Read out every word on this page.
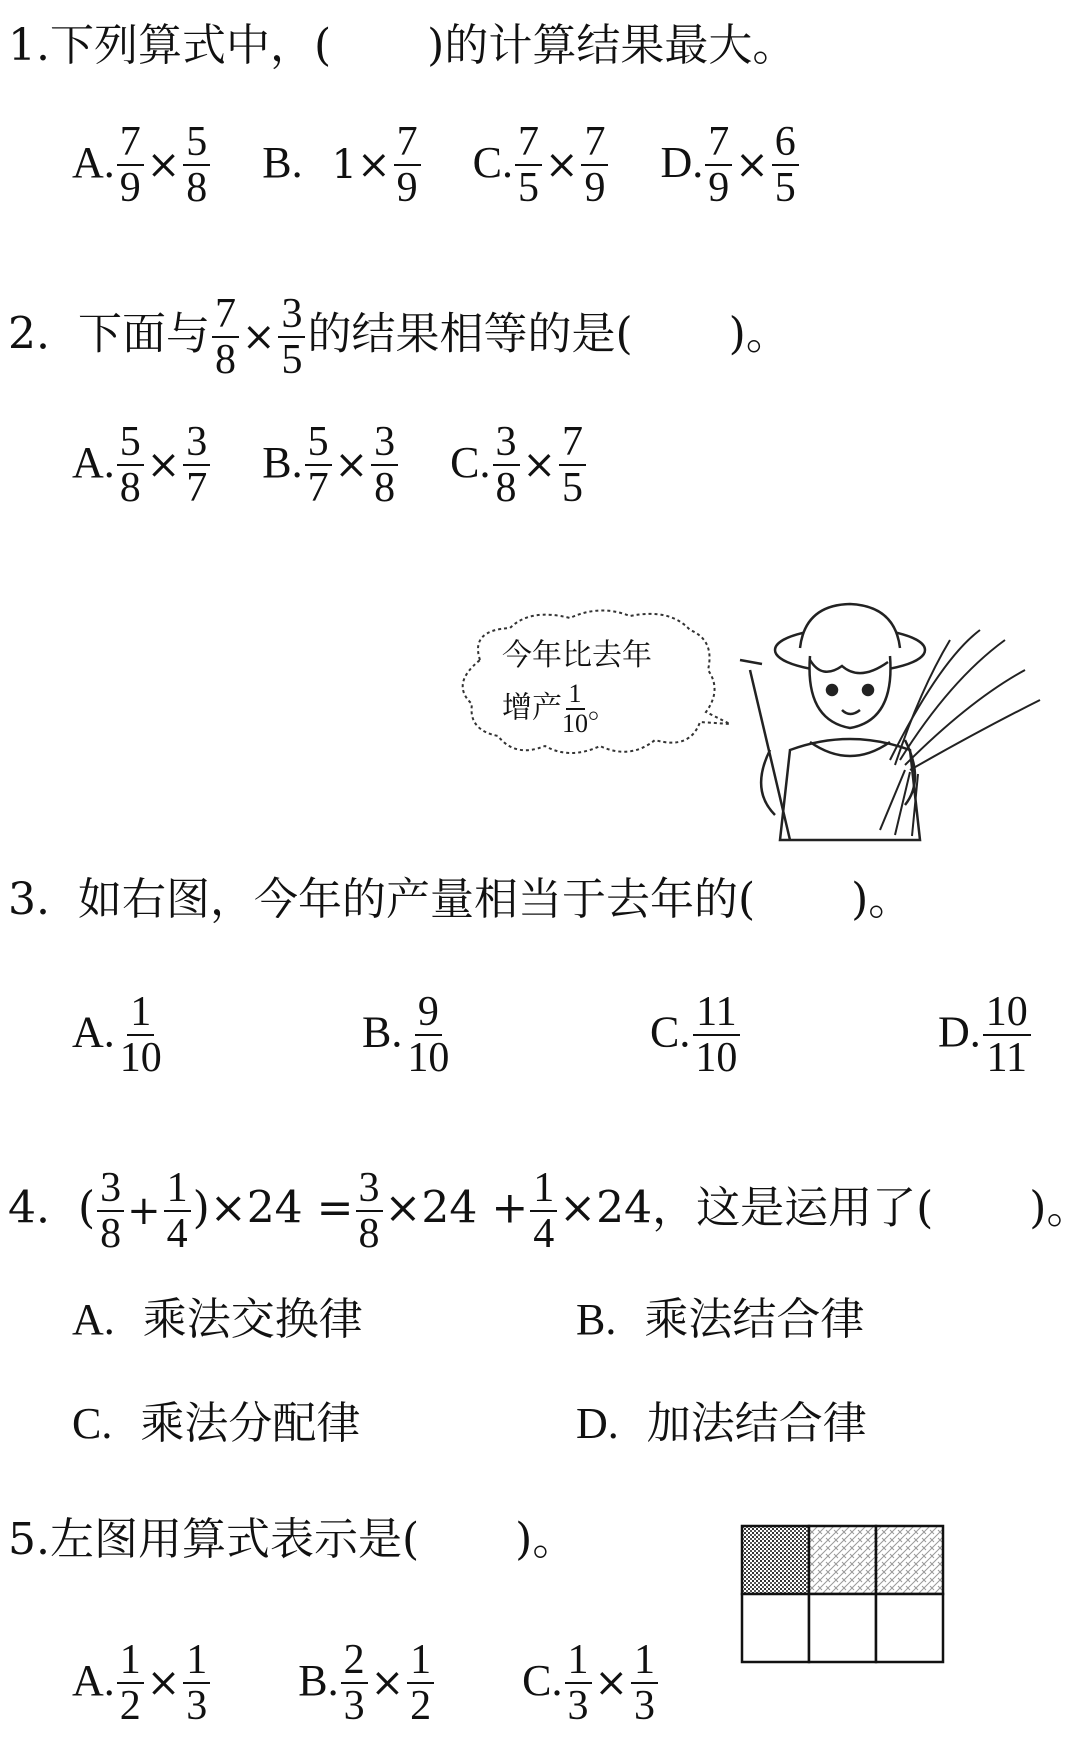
1.下列算式中，( )的计算结果最大。
A. $\frac{7}{9} \times \frac{5}{8} B$. $1\times \frac{7}{9} C$. $\frac{7}{5} \times \frac{7}{9} D$. $\frac{7}{9} \times \frac{6}{5}$
2. 下面与 $\frac{7}{8} \times \frac{3}{5}$ 的结果相等的是( )。
A. $\frac{5}{8} \times \frac{3}{7} B$. $\frac{5}{7} \times \frac{3}{8} C$. $\frac{3}{8} \times \frac{7}{5}$
今年比去年
增产 $\frac{1}{10}$ 。
3. 如右图，今年的产量相当于去年的( )。
A. $\frac{1}{10}$	B. $\frac{9}{10}$	C. $\frac{11}{10}$	D. $\frac{10}{11}$
4. ( $\frac{3}{8} + \frac{1}{4} )\times 24 = \frac{3}{8} \times 24 + \frac{1}{4} \times 24$，这是运用了( )。
A. 乘法交换律	B. 乘法结合律
C. 乘法分配律	D. 加法结合律
5.左图用算式表示是( )。
A. $\frac{1}{2} \times \frac{1}{3} B$. $\frac{2}{3} \times \frac{1}{2} C$. $\frac{1}{3} \times \frac{1}{3}$
